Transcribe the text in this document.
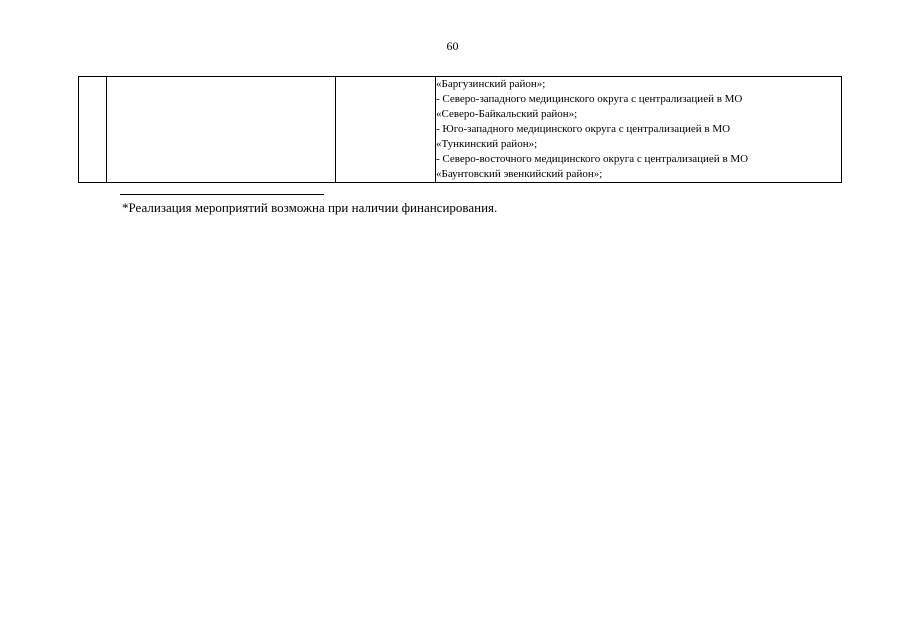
60

«Баргузинский район»;
- Северо-западного медицинского округа с централизацией в МО
«Северо-Байкальский район»;
- Юго-западного медицинского округа с централизацией в МО
«Тункинский район»;
- Северо-восточного медицинского округа с централизацией в МО
«Баунтовский эвенкийский район»;
*Реализация мероприятий возможна при наличии финансирования.
